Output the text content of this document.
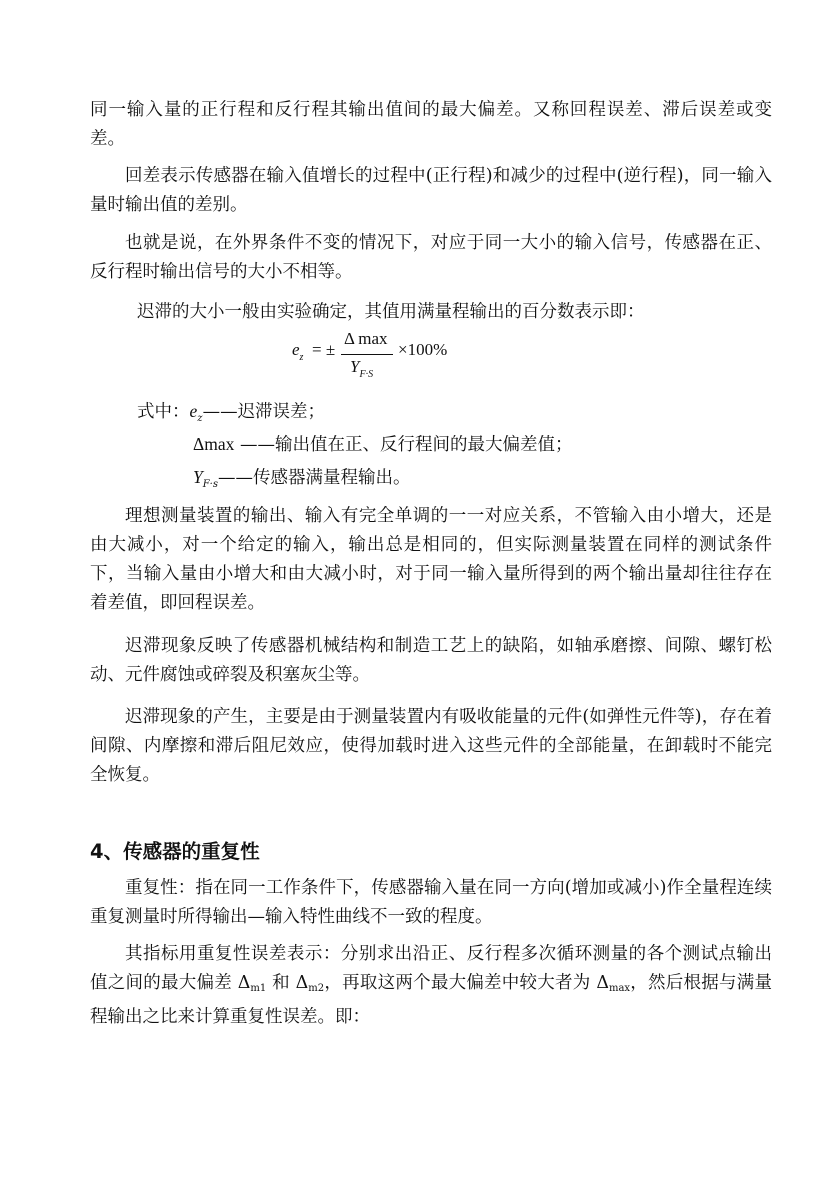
同一输入量的正行程和反行程其输出值间的最大偏差。又称回程误差、滞后误差或变差。
回差表示传感器在输入值增长的过程中(正行程)和减少的过程中(逆行程)，同一输入量时输出值的差别。
也就是说，在外界条件不变的情况下，对应于同一大小的输入信号，传感器在正、反行程时输出信号的大小不相等。
迟滞的大小一般由实验确定，其值用满量程输出的百分数表示即：
$e_z$ = ±
Δ max
$Y_{F\cdot S}$
×100%
式中：$e_z——$迟滞误差；
Δmax ——输出值在正、反行程间的最大偏差值；
$Y_{F\cdot s}——$传感器满量程输出。
理想测量装置的输出、输入有完全单调的一一对应关系，不管输入由小增大，还是由大减小，对一个给定的输入，输出总是相同的，但实际测量装置在同样的测试条件下，当输入量由小增大和由大减小时，对于同一输入量所得到的两个输出量却往往存在着差值，即回程误差。
迟滞现象反映了传感器机械结构和制造工艺上的缺陷，如轴承磨擦、间隙、螺钉松动、元件腐蚀或碎裂及积塞灰尘等。
迟滞现象的产生，主要是由于测量装置内有吸收能量的元件(如弹性元件等)，存在着间隙、内摩擦和滞后阻尼效应，使得加载时进入这些元件的全部能量，在卸载时不能完全恢复。
4、传感器的重复性
重复性：指在同一工作条件下，传感器输入量在同一方向(增加或减小)作全量程连续重复测量时所得输出—输入特性曲线不一致的程度。
其指标用重复性误差表示：分别求出沿正、反行程多次循环测量的各个测试点输出值之间的最大偏差 Δm1 和 Δm2，再取这两个最大偏差中较大者为 Δmax，然后根据与满量程输出之比来计算重复性误差。即：
